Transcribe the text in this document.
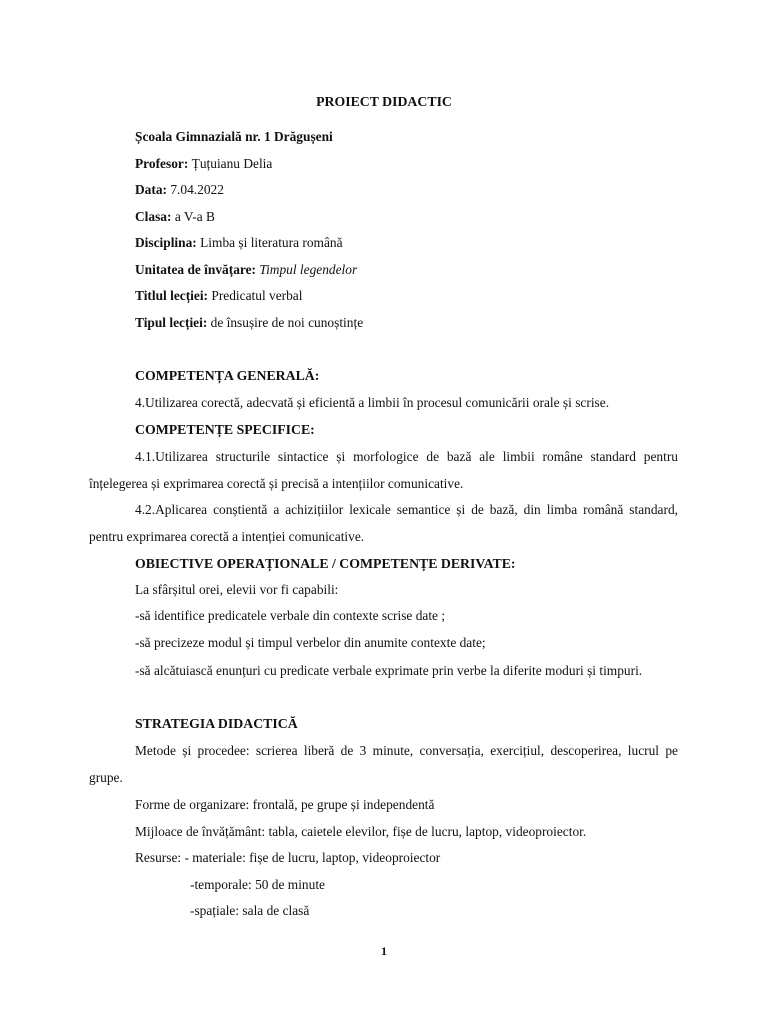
PROIECT DIDACTIC
Școala Gimnazială nr. 1 Drăgușeni
Profesor: Țuțuianu Delia
Data: 7.04.2022
Clasa: a V-a B
Disciplina: Limba și literatura română
Unitatea de învățare: Timpul legendelor
Titlul lecției: Predicatul verbal
Tipul lecției: de însușire de noi cunoștințe
COMPETENȚA GENERALĂ:
4.Utilizarea corectă, adecvată și eficientă a limbii în procesul comunicării orale și scrise.
COMPETENȚE SPECIFICE:
4.1.Utilizarea structurile sintactice și morfologice de bază ale limbii române standard pentru înțelegerea și exprimarea corectă și precisă a intențiilor comunicative.
4.2.Aplicarea conștientă a achizițiilor lexicale semantice și de bază, din limba română standard, pentru exprimarea corectă a intenției comunicative.
OBIECTIVE OPERAȚIONALE / COMPETENȚE DERIVATE:
La sfârșitul orei, elevii vor fi capabili:
-să identifice predicatele verbale din contexte scrise date ;
-să precizeze modul și timpul verbelor din anumite contexte date;
-să alcătuiască enunțuri cu predicate verbale exprimate prin verbe la diferite moduri și timpuri.
STRATEGIA DIDACTICĂ
Metode și procedee: scrierea liberă de 3 minute, conversația, exercițiul, descoperirea, lucrul pe grupe.
Forme de organizare: frontală, pe grupe și independentă
Mijloace de învățământ: tabla, caietele elevilor, fișe de lucru, laptop, videoproiector.
Resurse: - materiale: fișe de lucru, laptop, videoproiector
-temporale: 50 de minute
-spațiale: sala de clasă
1
